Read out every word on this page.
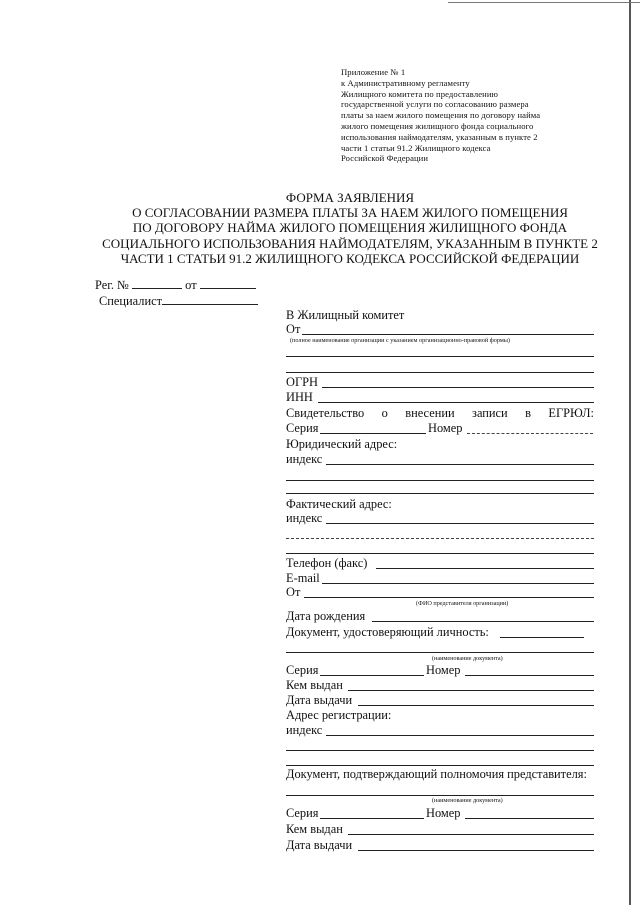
Приложение № 1
к Административному регламенту
Жилищного комитета по предоставлению
государственной услуги по согласованию размера
платы за наем жилого помещения по договору найма
жилого помещения жилищного фонда социального
использования наймодателям, указанным в пункте 2
части 1 статьи 91.2 Жилищного кодекса
Российской Федерации
ФОРМА ЗАЯВЛЕНИЯ
О СОГЛАСОВАНИИ РАЗМЕРА ПЛАТЫ ЗА НАЕМ ЖИЛОГО ПОМЕЩЕНИЯ
ПО ДОГОВОРУ НАЙМА ЖИЛОГО ПОМЕЩЕНИЯ ЖИЛИЩНОГО ФОНДА
СОЦИАЛЬНОГО ИСПОЛЬЗОВАНИЯ НАЙМОДАТЕЛЯМ, УКАЗАННЫМ В ПУНКТЕ 2
ЧАСТИ 1 СТАТЬИ 91.2 ЖИЛИЩНОГО КОДЕКСА РОССИЙСКОЙ ФЕДЕРАЦИИ
Рег. №	от
Специалист
В Жилищный комитет
От
(полное наименование организации с указанием организационно-правовой формы)
ОГРН
ИНН
Свидетельство о внесении записи в ЕГРЮЛ:
Серия	Номер
Юридический адрес:
индекс
Фактический адрес:
индекс
Телефон (факс)
E-mail
От
(ФИО представителя организации)
Дата рождения
Документ, удостоверяющий личность:
(наименование документа)
Серия	Номер
Кем выдан
Дата выдачи
Адрес регистрации:
индекс
Документ, подтверждающий полномочия представителя:
(наименование документа)
Серия	Номер
Кем выдан
Дата выдачи
